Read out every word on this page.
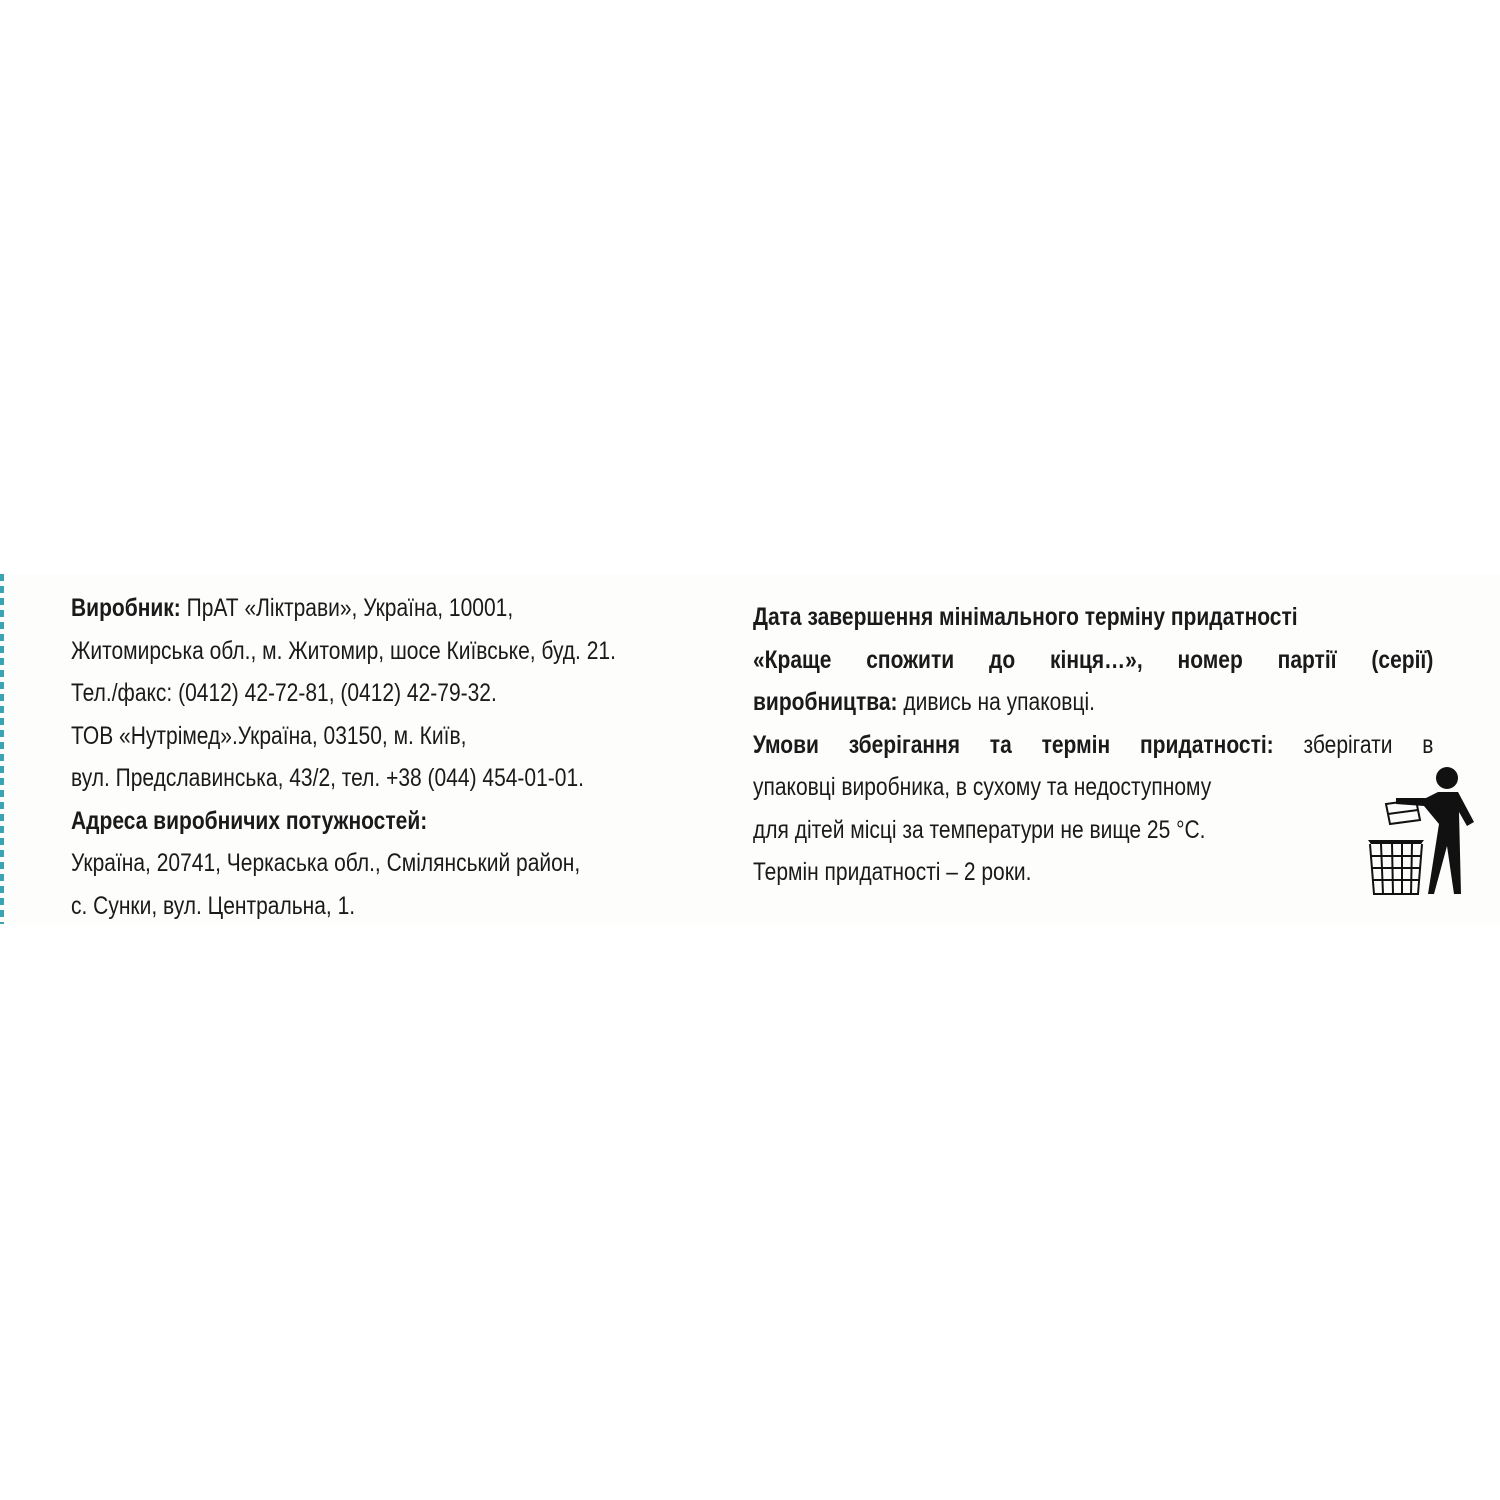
Виробник: ПрАТ «Ліктрави», Україна, 10001,
Житомирська обл., м. Житомир, шосе Київське, буд. 21.
Тел./факс: (0412) 42-72-81, (0412) 42-79-32.
ТОВ «Нутрімед».Україна, 03150, м. Київ,
вул. Предславинська, 43/2, тел. +38 (044) 454-01-01.
Адреса виробничих потужностей:
Україна, 20741, Черкаська обл., Смілянський район,
с. Сунки, вул. Центральна, 1.
Дата завершення мінімального терміну придатності
«Краще спожити до кінця…», номер партії (серії)
виробництва: дивись на упаковці.
Умови зберігання та термін придатності: зберігати в
упаковці виробника, в сухому та недоступному
для дітей місці за температури не вище 25 °С.
Термін придатності – 2 роки.
